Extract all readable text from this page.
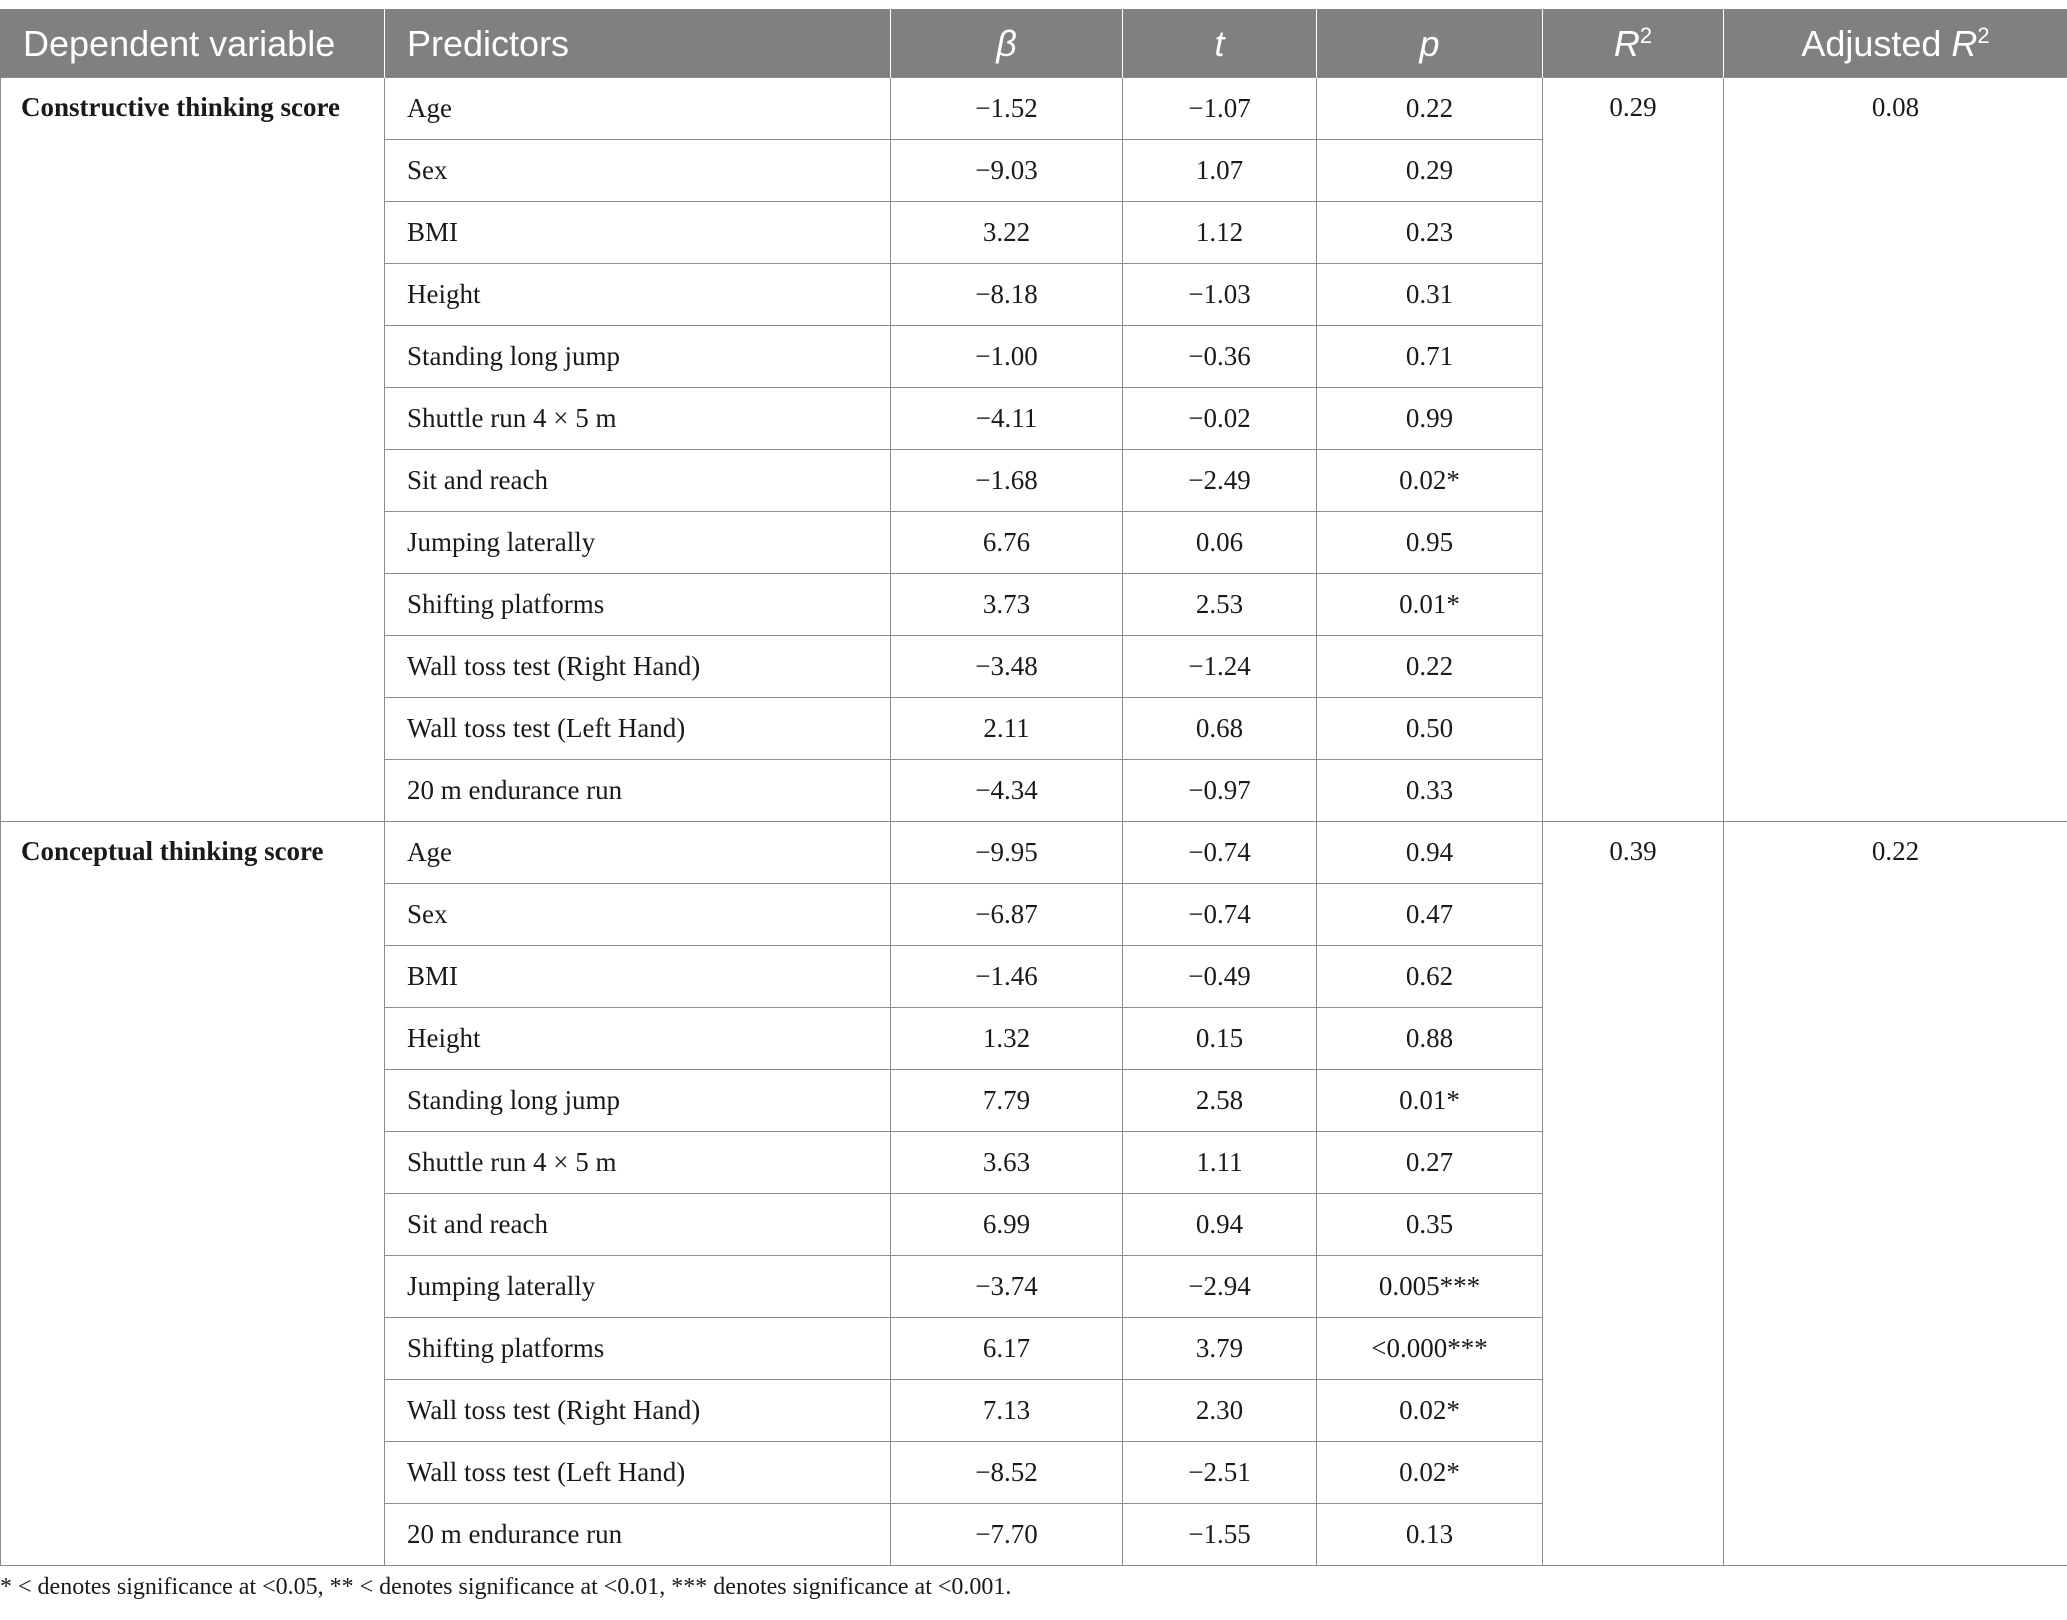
Dependent variable	Predictors	β	t	p	$R^2$	Adjusted $R^2$
Constructive thinking score	Age	−1.52	−1.07	0.22	0.29	0.08
	Sex	−9.03	1.07	0.29		
	BMI	3.22	1.12	0.23		
	Height	−8.18	−1.03	0.31		
	Standing long jump	−1.00	−0.36	0.71		
	Shuttle run 4 × 5 m	−4.11	−0.02	0.99		
	Sit and reach	−1.68	−2.49	0.02*		
	Jumping laterally	6.76	0.06	0.95		
	Shifting platforms	3.73	2.53	0.01*		
	Wall toss test (Right Hand)	−3.48	−1.24	0.22		
	Wall toss test (Left Hand)	2.11	0.68	0.50		
	20 m endurance run	−4.34	−0.97	0.33		
Conceptual thinking score	Age	−9.95	−0.74	0.94	0.39	0.22
	Sex	−6.87	−0.74	0.47		
	BMI	−1.46	−0.49	0.62		
	Height	1.32	0.15	0.88		
	Standing long jump	7.79	2.58	0.01*		
	Shuttle run 4 × 5 m	3.63	1.11	0.27		
	Sit and reach	6.99	0.94	0.35		
	Jumping laterally	−3.74	−2.94	0.005***		
	Shifting platforms	6.17	3.79	<0.000***		
	Wall toss test (Right Hand)	7.13	2.30	0.02*		
	Wall toss test (Left Hand)	−8.52	−2.51	0.02*		
	20 m endurance run	−7.70	−1.55	0.13		
* < denotes significance at <0.05, ** < denotes significance at <0.01, *** denotes significance at <0.001.
